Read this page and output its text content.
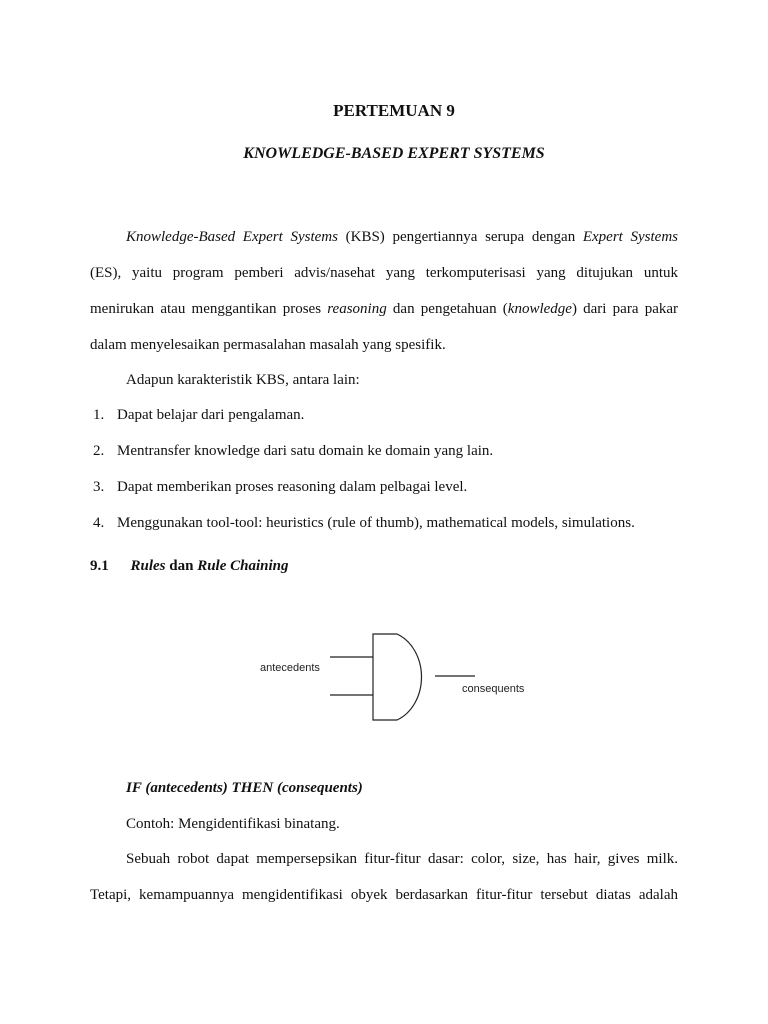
PERTEMUAN 9
KNOWLEDGE-BASED EXPERT SYSTEMS
Knowledge-Based Expert Systems (KBS) pengertiannya serupa dengan Expert Systems
(ES), yaitu program pemberi advis/nasehat yang terkomputerisasi yang ditujukan untuk
menirukan atau menggantikan proses reasoning dan pengetahuan (knowledge) dari para pakar
dalam menyelesaikan permasalahan masalah yang spesifik.
Adapun karakteristik KBS, antara lain:
1. Dapat belajar dari pengalaman.
2. Mentransfer knowledge dari satu domain ke domain yang lain.
3. Dapat memberikan proses reasoning dalam pelbagai level.
4. Menggunakan tool-tool: heuristics (rule of thumb), mathematical models, simulations.
9.1 Rules dan Rule Chaining
antecedents
consequents
IF (antecedents) THEN (consequents)
Contoh: Mengidentifikasi binatang.
Sebuah robot dapat mempersepsikan fitur-fitur dasar: color, size, has hair, gives milk.
Tetapi, kemampuannya mengidentifikasi obyek berdasarkan fitur-fitur tersebut diatas adalah
